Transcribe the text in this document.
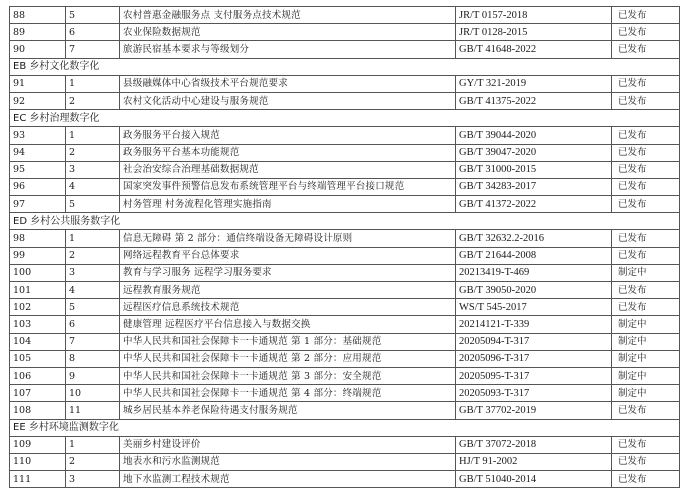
88	5	农村普惠金融服务点 支付服务点技术规范	JR/T 0157-2018	已发布
89	6	农业保险数据规范	JR/T 0128-2015	已发布
90	7	旅游民宿基本要求与等级划分	GB/T 41648-2022	已发布
EB 乡村文化数字化				
91	1	县级融媒体中心省级技术平台规范要求	GY/T 321-2019	已发布
92	2	农村文化活动中心建设与服务规范	GB/T 41375-2022	已发布
EC 乡村治理数字化				
93	1	政务服务平台接入规范	GB/T 39044-2020	已发布
94	2	政务服务平台基本功能规范	GB/T 39047-2020	已发布
95	3	社会治安综合治理基础数据规范	GB/T 31000-2015	已发布
96	4	国家突发事件预警信息发布系统管理平台与终端管理平台接口规范	GB/T 34283-2017	已发布
97	5	村务管理 村务流程化管理实施指南	GB/T 41372-2022	已发布
ED 乡村公共服务数字化				
98	1	信息无障碍 第 2 部分：通信终端设备无障碍设计原则	GB/T 32632.2-2016	已发布
99	2	网络远程教育平台总体要求	GB/T 21644-2008	已发布
100	3	教育与学习服务 远程学习服务要求	20213419-T-469	制定中
101	4	远程教育服务规范	GB/T 39050-2020	已发布
102	5	远程医疗信息系统技术规范	WS/T 545-2017	已发布
103	6	健康管理 远程医疗平台信息接入与数据交换	20214121-T-339	制定中
104	7	中华人民共和国社会保障卡一卡通规范 第 1 部分：基础规范	20205094-T-317	制定中
105	8	中华人民共和国社会保障卡一卡通规范 第 2 部分：应用规范	20205096-T-317	制定中
106	9	中华人民共和国社会保障卡一卡通规范 第 3 部分：安全规范	20205095-T-317	制定中
107	10	中华人民共和国社会保障卡一卡通规范 第 4 部分：终端规范	20205093-T-317	制定中
108	11	城乡居民基本养老保险待遇支付服务规范	GB/T 37702-2019	已发布
EE 乡村环境监测数字化				
109	1	美丽乡村建设评价	GB/T 37072-2018	已发布
110	2	地表水和污水监测规范	HJ/T 91-2002	已发布
111	3	地下水监测工程技术规范	GB/T 51040-2014	已发布
